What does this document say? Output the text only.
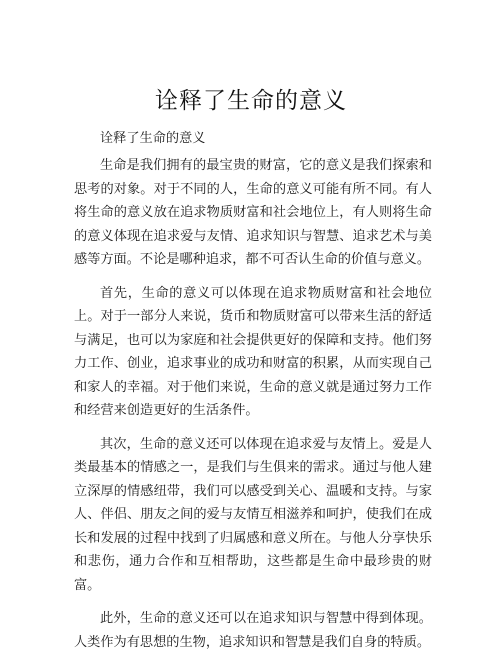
诠释了生命的意义

诠释了生命的意义

生命是我们拥有的最宝贵的财富，它的意义是我们探索和思考的对象。对于不同的人，生命的意义可能有所不同。有人将生命的意义放在追求物质财富和社会地位上，有人则将生命的意义体现在追求爱与友情、追求知识与智慧、追求艺术与美感等方面。不论是哪种追求，都不可否认生命的价值与意义。

首先，生命的意义可以体现在追求物质财富和社会地位上。对于一部分人来说，货币和物质财富可以带来生活的舒适与满足，也可以为家庭和社会提供更好的保障和支持。他们努力工作、创业，追求事业的成功和财富的积累，从而实现自己和家人的幸福。对于他们来说，生命的意义就是通过努力工作和经营来创造更好的生活条件。

其次，生命的意义还可以体现在追求爱与友情上。爱是人类最基本的情感之一，是我们与生俱来的需求。通过与他人建立深厚的情感纽带，我们可以感受到关心、温暖和支持。与家人、伴侣、朋友之间的爱与友情互相滋养和呵护，使我们在成长和发展的过程中找到了归属感和意义所在。与他人分享快乐和悲伤，通力合作和互相帮助，这些都是生命中最珍贵的财富。

此外，生命的意义还可以在追求知识与智慧中得到体现。人类作为有思想的生物，追求知识和智慧是我们自身的特质。
